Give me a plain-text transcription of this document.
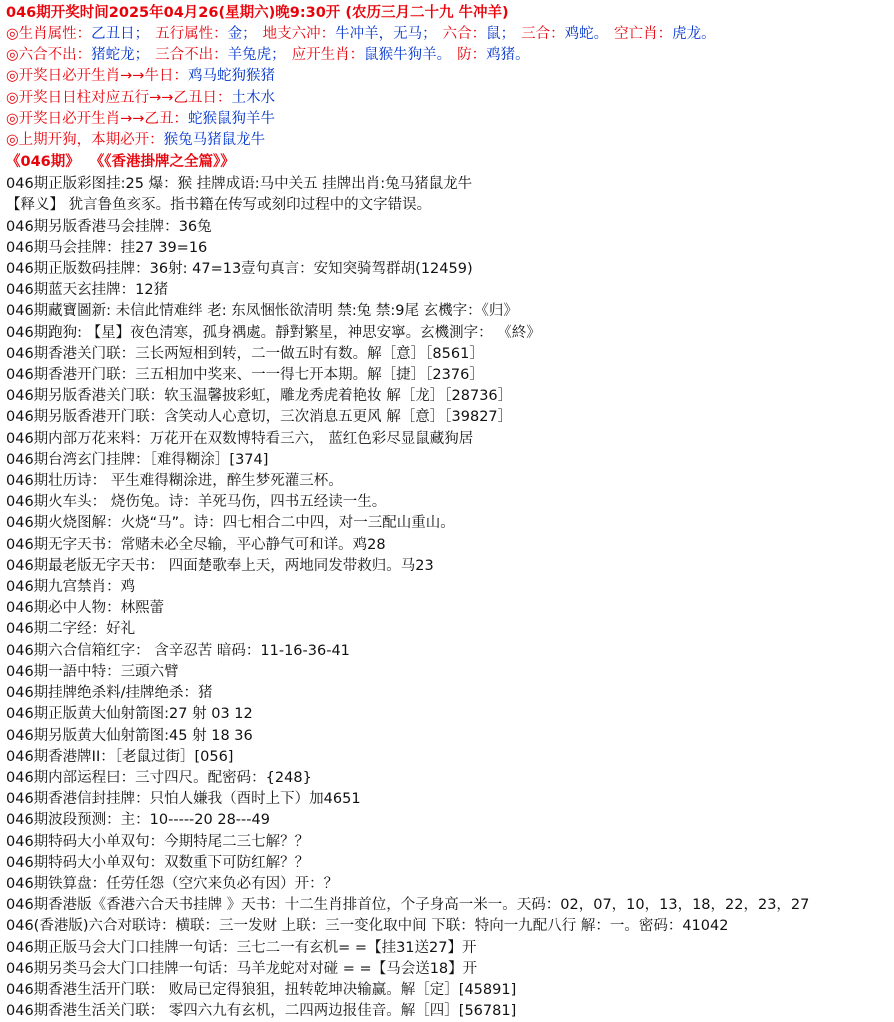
046期开奖时间2025年04月26(星期六)晚9:30开 (农历三月二十九 牛冲羊)
◎生肖属性：乙丑日； 五行属性：金； 地支六冲：牛冲羊，无马； 六合：鼠； 三合：鸡蛇。 空亡肖：虎龙。
◎六合不出：猪蛇龙； 三合不出：羊兔虎； 应开生肖：鼠猴牛狗羊。 防：鸡猪。
◎开奖日必开生肖→→牛日：鸡马蛇狗猴猪
◎开奖日日柱对应五行→→乙丑日：土木水
◎开奖日必开生肖→→乙丑：蛇猴鼠狗羊牛
◎上期开狗，本期必开：猴兔马猪鼠龙牛
《046期》 《《香港掛牌之全篇》》
046期正版彩图挂:25 爆：猴 挂牌成语:马中关五 挂牌出肖:兔马猪鼠龙牛
【释义】 犹言鲁鱼亥豕。指书籍在传写或刻印过程中的文字错误。
046期另版香港马会挂牌：36兔
046期马会挂牌：挂27 39=16
046期正版数码挂牌：36射: 47=13壹句真言：安知突骑驾群胡(12459)
046期蓝天玄挂牌：12猪
046期藏寶圖新: 未信此情难绊 老: 东凤悃怅欲清明 禁:兔 禁:9尾 玄機字：《归》
046期跑狗: 【星】夜色清寒，孤身禑處。靜對繁星，神思安寧。玄機測字： 《終》
046期香港关门联：三长两短相到转，二一做五时有数。解［意］［8561］
046期香港开门联：三五相加中奖来、一一得七开本期。解［捷］［2376］
046期另版香港关门联：软玉温馨披彩虹，雕龙秀虎着艳妆 解［龙］［28736］
046期另版香港开门联：含笑动人心意切，三次消息五更风 解［意］［39827］
046期内部万花来料：万花开在双数博特看三六， 蓝红色彩尽显鼠藏狗居
046期台湾玄门挂牌：［难得糊涂］[374]
046期壮历诗： 平生难得糊涂进，醉生梦死灌三杯。
046期火车头： 烧伤兔。诗：羊死马伤，四书五经读一生。
046期火烧图解：火烧“马”。诗：四七相合二中四，对一三配山重山。
046期无字天书：常赌未必全尽输，平心静气可和详。鸡28
046期最老版无字天书： 四面楚歌奉上天，两地同发带救归。马23
046期九宫禁肖：鸡
046期必中人物：林熙蕾
046期二字经：好礼
046期六合信箱红字： 含辛忍苦 暗码：11-16-36-41
046期一語中特：三頭六臂
046期挂牌绝杀料/挂牌绝杀：猪
046期正版黄大仙射箭图:27 射 03 12
046期另版黄大仙射箭图:45 射 18 36
046期香港牌II：［老鼠过街］[056]
046期内部运程曰：三寸四尺。配密码：{248}
046期香港信封挂牌：只怕人嫌我（酉时上下）加4651
046期波段预测：主：10-----20 28---49
046期特码大小单双句：今期特尾二三七解？？
046期特码大小单双句：双数重下可防红解？？
046期铁算盘：任劳任怨（空穴来负必有因）开：？
046期香港版《香港六合天书挂牌 》天书：十二生肖排首位，个子身高一米一。天码：02，07，10，13，18，22，23，27
046(香港版)六合对联诗：横联：三一发财 上联：三一变化取中间 下联：特向一九配八行 解：一。密码：41042
046期正版马会大门口挂牌一句话：三七二一有玄机= =【挂31送27】开
046期另类马会大门口挂牌一句话：马羊龙蛇对对碰 = =【马会送18】开
046期香港生活开门联： 败局已定得狼狙，扭转乾坤决输赢。解［定］[45891]
046期香港生活关门联： 零四六九有玄机，二四两边报佳音。解［四］[56781]
